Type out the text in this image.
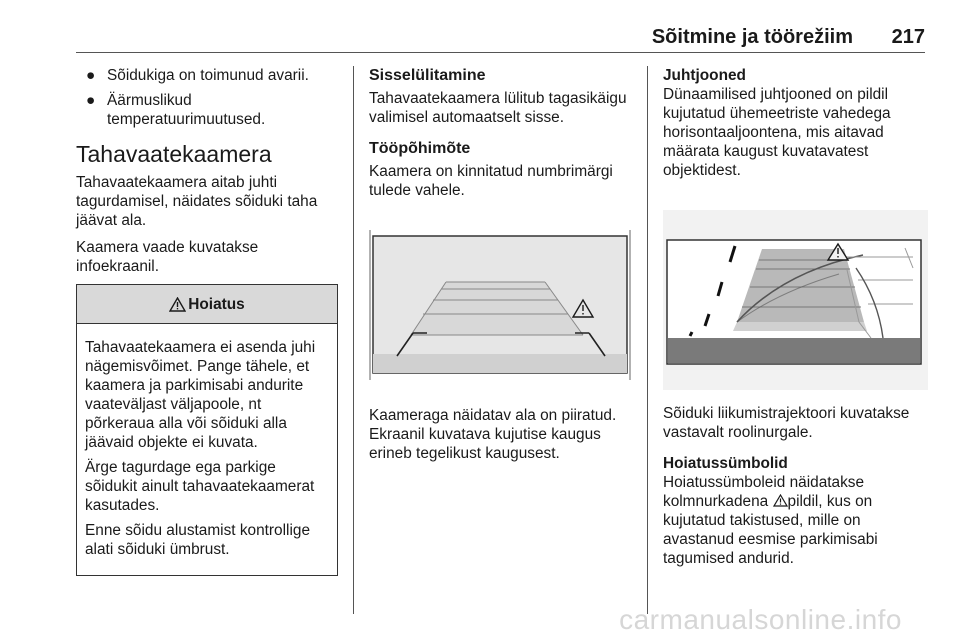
Sõitmine ja töörežiim 217
● Sõidukiga on toimunud avarii.
● Äärmuslikud temperatuurimuutused.
Tahavaatekaamera

Tahavaatekaamera aitab juhti tagurdamisel, näidates sõiduki taha jäävat ala.

Kaamera vaade kuvatakse infoekraanil.

Hoiatus

Tahavaatekaamera ei asenda juhi nägemisvõimet. Pange tähele, et kaamera ja parkimisabi andurite vaateväljast väljapoole, nt põrkeraua alla või sõiduki alla jäävaid objekte ei kuvata.

Ärge tagurdage ega parkige sõidukit ainult tahavaatekaamerat kasutades.

Enne sõidu alustamist kontrollige alati sõiduki ümbrust.

Sisselülitamine

Tahavaatekaamera lülitub tagasikäigu valimisel automaatselt sisse.

Tööpõhimõte

Kaamera on kinnitatud numbrimärgi tulede vahele.

Kaameraga näidatav ala on piiratud. Ekraanil kuvatava kujutise kaugus erineb tegelikust kaugusest.

Juhtjooned

Dünaamilised juhtjooned on pildil kujutatud ühemeetriste vahedega horisontaaljoontena, mis aitavad määrata kaugust kuvatavatest objektidest.

Sõiduki liikumistrajektoori kuvatakse vastavalt roolinurgale.

Hoiatussümbolid

Hoiatussümboleid näidatakse kolmnurkadena pildil, kus on kujutatud takistused, mille on avastanud eesmise parkimisabi tagumised andurid.

carmanualsonline.info
